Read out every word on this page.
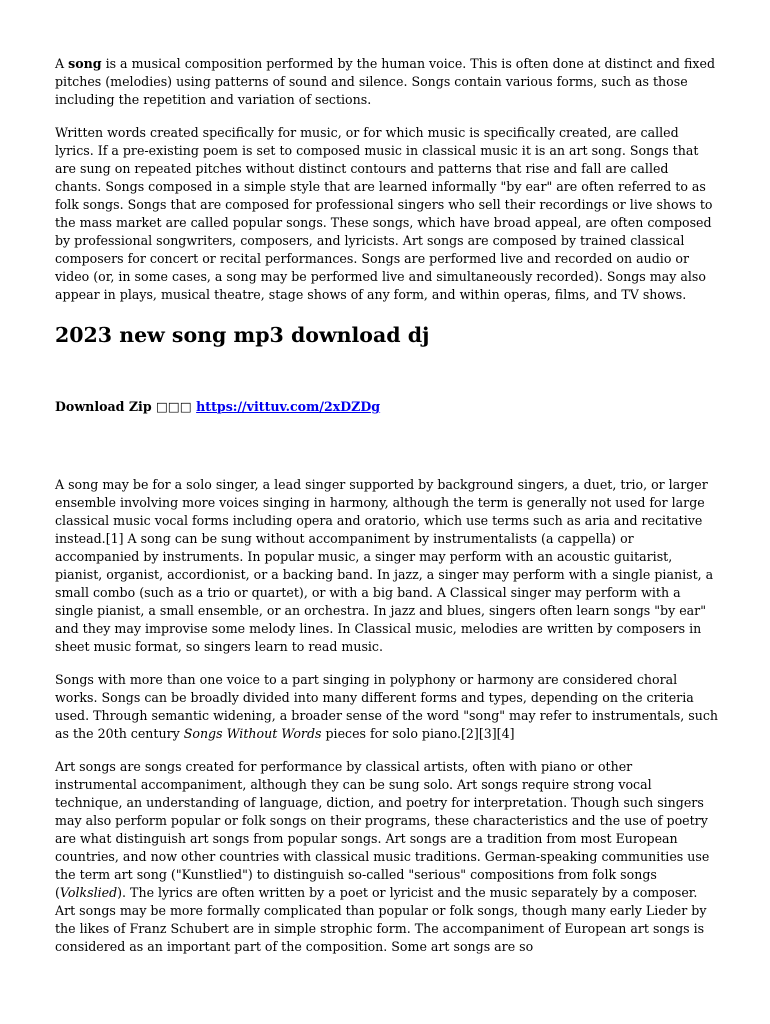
A song is a musical composition performed by the human voice. This is often done at distinct and fixed pitches (melodies) using patterns of sound and silence. Songs contain various forms, such as those including the repetition and variation of sections.

Written words created specifically for music, or for which music is specifically created, are called lyrics. If a pre-existing poem is set to composed music in classical music it is an art song. Songs that are sung on repeated pitches without distinct contours and patterns that rise and fall are called chants. Songs composed in a simple style that are learned informally "by ear" are often referred to as folk songs. Songs that are composed for professional singers who sell their recordings or live shows to the mass market are called popular songs. These songs, which have broad appeal, are often composed by professional songwriters, composers, and lyricists. Art songs are composed by trained classical composers for concert or recital performances. Songs are performed live and recorded on audio or video (or, in some cases, a song may be performed live and simultaneously recorded). Songs may also appear in plays, musical theatre, stage shows of any form, and within operas, films, and TV shows.

2023 new song mp3 download dj
Download Zip □□□ https://vittuv.com/2xDZDg

A song may be for a solo singer, a lead singer supported by background singers, a duet, trio, or larger ensemble involving more voices singing in harmony, although the term is generally not used for large classical music vocal forms including opera and oratorio, which use terms such as aria and recitative instead.[1] A song can be sung without accompaniment by instrumentalists (a cappella) or accompanied by instruments. In popular music, a singer may perform with an acoustic guitarist, pianist, organist, accordionist, or a backing band. In jazz, a singer may perform with a single pianist, a small combo (such as a trio or quartet), or with a big band. A Classical singer may perform with a single pianist, a small ensemble, or an orchestra. In jazz and blues, singers often learn songs "by ear" and they may improvise some melody lines. In Classical music, melodies are written by composers in sheet music format, so singers learn to read music.

Songs with more than one voice to a part singing in polyphony or harmony are considered choral works. Songs can be broadly divided into many different forms and types, depending on the criteria used. Through semantic widening, a broader sense of the word "song" may refer to instrumentals, such as the 20th century Songs Without Words pieces for solo piano.[2][3][4]

Art songs are songs created for performance by classical artists, often with piano or other instrumental accompaniment, although they can be sung solo. Art songs require strong vocal technique, an understanding of language, diction, and poetry for interpretation. Though such singers may also perform popular or folk songs on their programs, these characteristics and the use of poetry are what distinguish art songs from popular songs. Art songs are a tradition from most European countries, and now other countries with classical music traditions. German-speaking communities use the term art song ("Kunstlied") to distinguish so-called "serious" compositions from folk songs (Volkslied). The lyrics are often written by a poet or lyricist and the music separately by a composer. Art songs may be more formally complicated than popular or folk songs, though many early Lieder by the likes of Franz Schubert are in simple strophic form. The accompaniment of European art songs is considered as an important part of the composition. Some art songs are so
